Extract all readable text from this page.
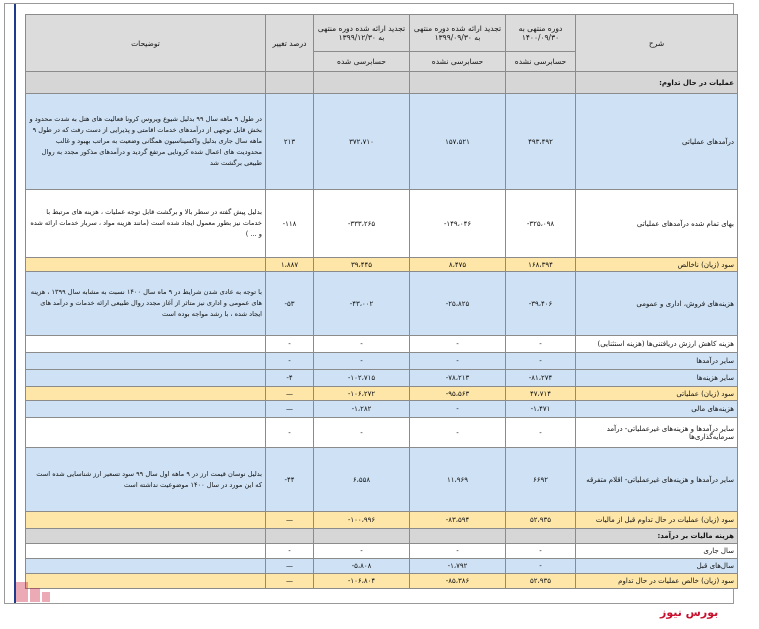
شرح	دوره منتهی به ۱۴۰۰/۰۹/۳۰	تجدید ارائه شده دوره منتهی به ۱۳۹۹/۰۹/۳۰	تجدید ارائه شده دوره منتهی به ۱۳۹۹/۱۲/۳۰	درصد تغییر	توضیحات
	حسابرسی نشده	حسابرسی نشده	حسابرسی شده		
عملیات در حال تداوم:					
درآمدهای عملیاتی	۴۹۳،۴۹۲	۱۵۷،۵۲۱	۳۷۲،۷۱۰	۲۱۳	در طول ۹ ماهه سال ۹۹ بدلیل شیوع ویروس کرونا فعالیت های هتل به شدت محدود و بخش قابل توجهی از درآمدهای خدمات اقامتی و پذیرایی از دست رفت که در طول ۹ ماهه سال جاری بدلیل واکسیناسیون همگانی وضعیت به مراتب بهبود و غالب محدودیت های اعمال شده کرونایی مرتفع گردید و درآمدهای مذکور مجدد به روال طبیعی برگشت شد
بهای تمام شده درآمدهای عملیاتی	-۳۲۵،۰۹۸	-۱۴۹،۰۴۶	-۳۳۳،۲۶۵	-۱۱۸	بدلیل پیش گفته در سطر بالا و برگشت قابل توجه عملیات ، هزینه های مرتبط با خدمات نیز بطور معمول ایجاد شده است (مانند هزینه مواد ، سربار خدمات ارائه شده و ... )
سود (زیان) ناخالص	۱۶۸،۳۹۴	۸،۴۷۵	۳۹،۴۴۵	۱،۸۸۷	
هزینه‌های فروش، اداری و عمومی	-۳۹،۴۰۶	-۲۵،۸۲۵	-۴۳،۰۰۲	-۵۳	با توجه به عادی شدن شرایط در ۹ ماه سال ۱۴۰۰ نسبت به مشابه سال ۱۳۹۹ ، هزینه های عمومی و اداری نیز متاثر از آغاز مجدد روال طبیعی ارائه خدمات و درآمد های ایجاد شده ، با رشد مواجه بوده است
هزینه کاهش ارزش دریافتنی‌ها (هزینه استثنایی)	-	-	-	-	
سایر درآمدها	-	-	-	-	
سایر هزینه‌ها	-۸۱،۲۷۴	-۷۸،۲۱۳	-۱۰۲،۷۱۵	-۴	
سود (زیان) عملیاتی	۴۷،۷۱۴	-۹۵،۵۶۳	-۱۰۶،۲۷۲	—	
هزینه‌های مالی	-۱،۴۷۱	-	-۱،۲۸۲	—	
سایر درآمدها و هزینه‌های غیرعملیاتی- درآمد سرمایه‌گذاری‌ها	-	-	-	-	
سایر درآمدها و هزینه‌های غیرعملیاتی- اقلام متفرقه	۶۶۹۲	۱۱،۹۶۹	۶،۵۵۸	-۴۴	بدلیل نوسان قیمت ارز در ۹ ماهه اول سال ۹۹ سود تسعیر ارز شناسایی شده است که این مورد در سال ۱۴۰۰ موضوعیت نداشته است
سود (زیان) عملیات در حال تداوم قبل از مالیات	۵۲،۹۳۵	-۸۳،۵۹۴	-۱۰۰،۹۹۶	—	
هزینه مالیات بر درآمد:					
سال جاری	-	-	-	-	
سال‌های قبل	-	-۱،۷۹۲	-۵،۸۰۸	—	
سود (زیان) خالص عملیات در حال تداوم	۵۲،۹۳۵	-۸۵،۳۸۶	-۱۰۶،۸۰۴	—	
بورس نیوز
